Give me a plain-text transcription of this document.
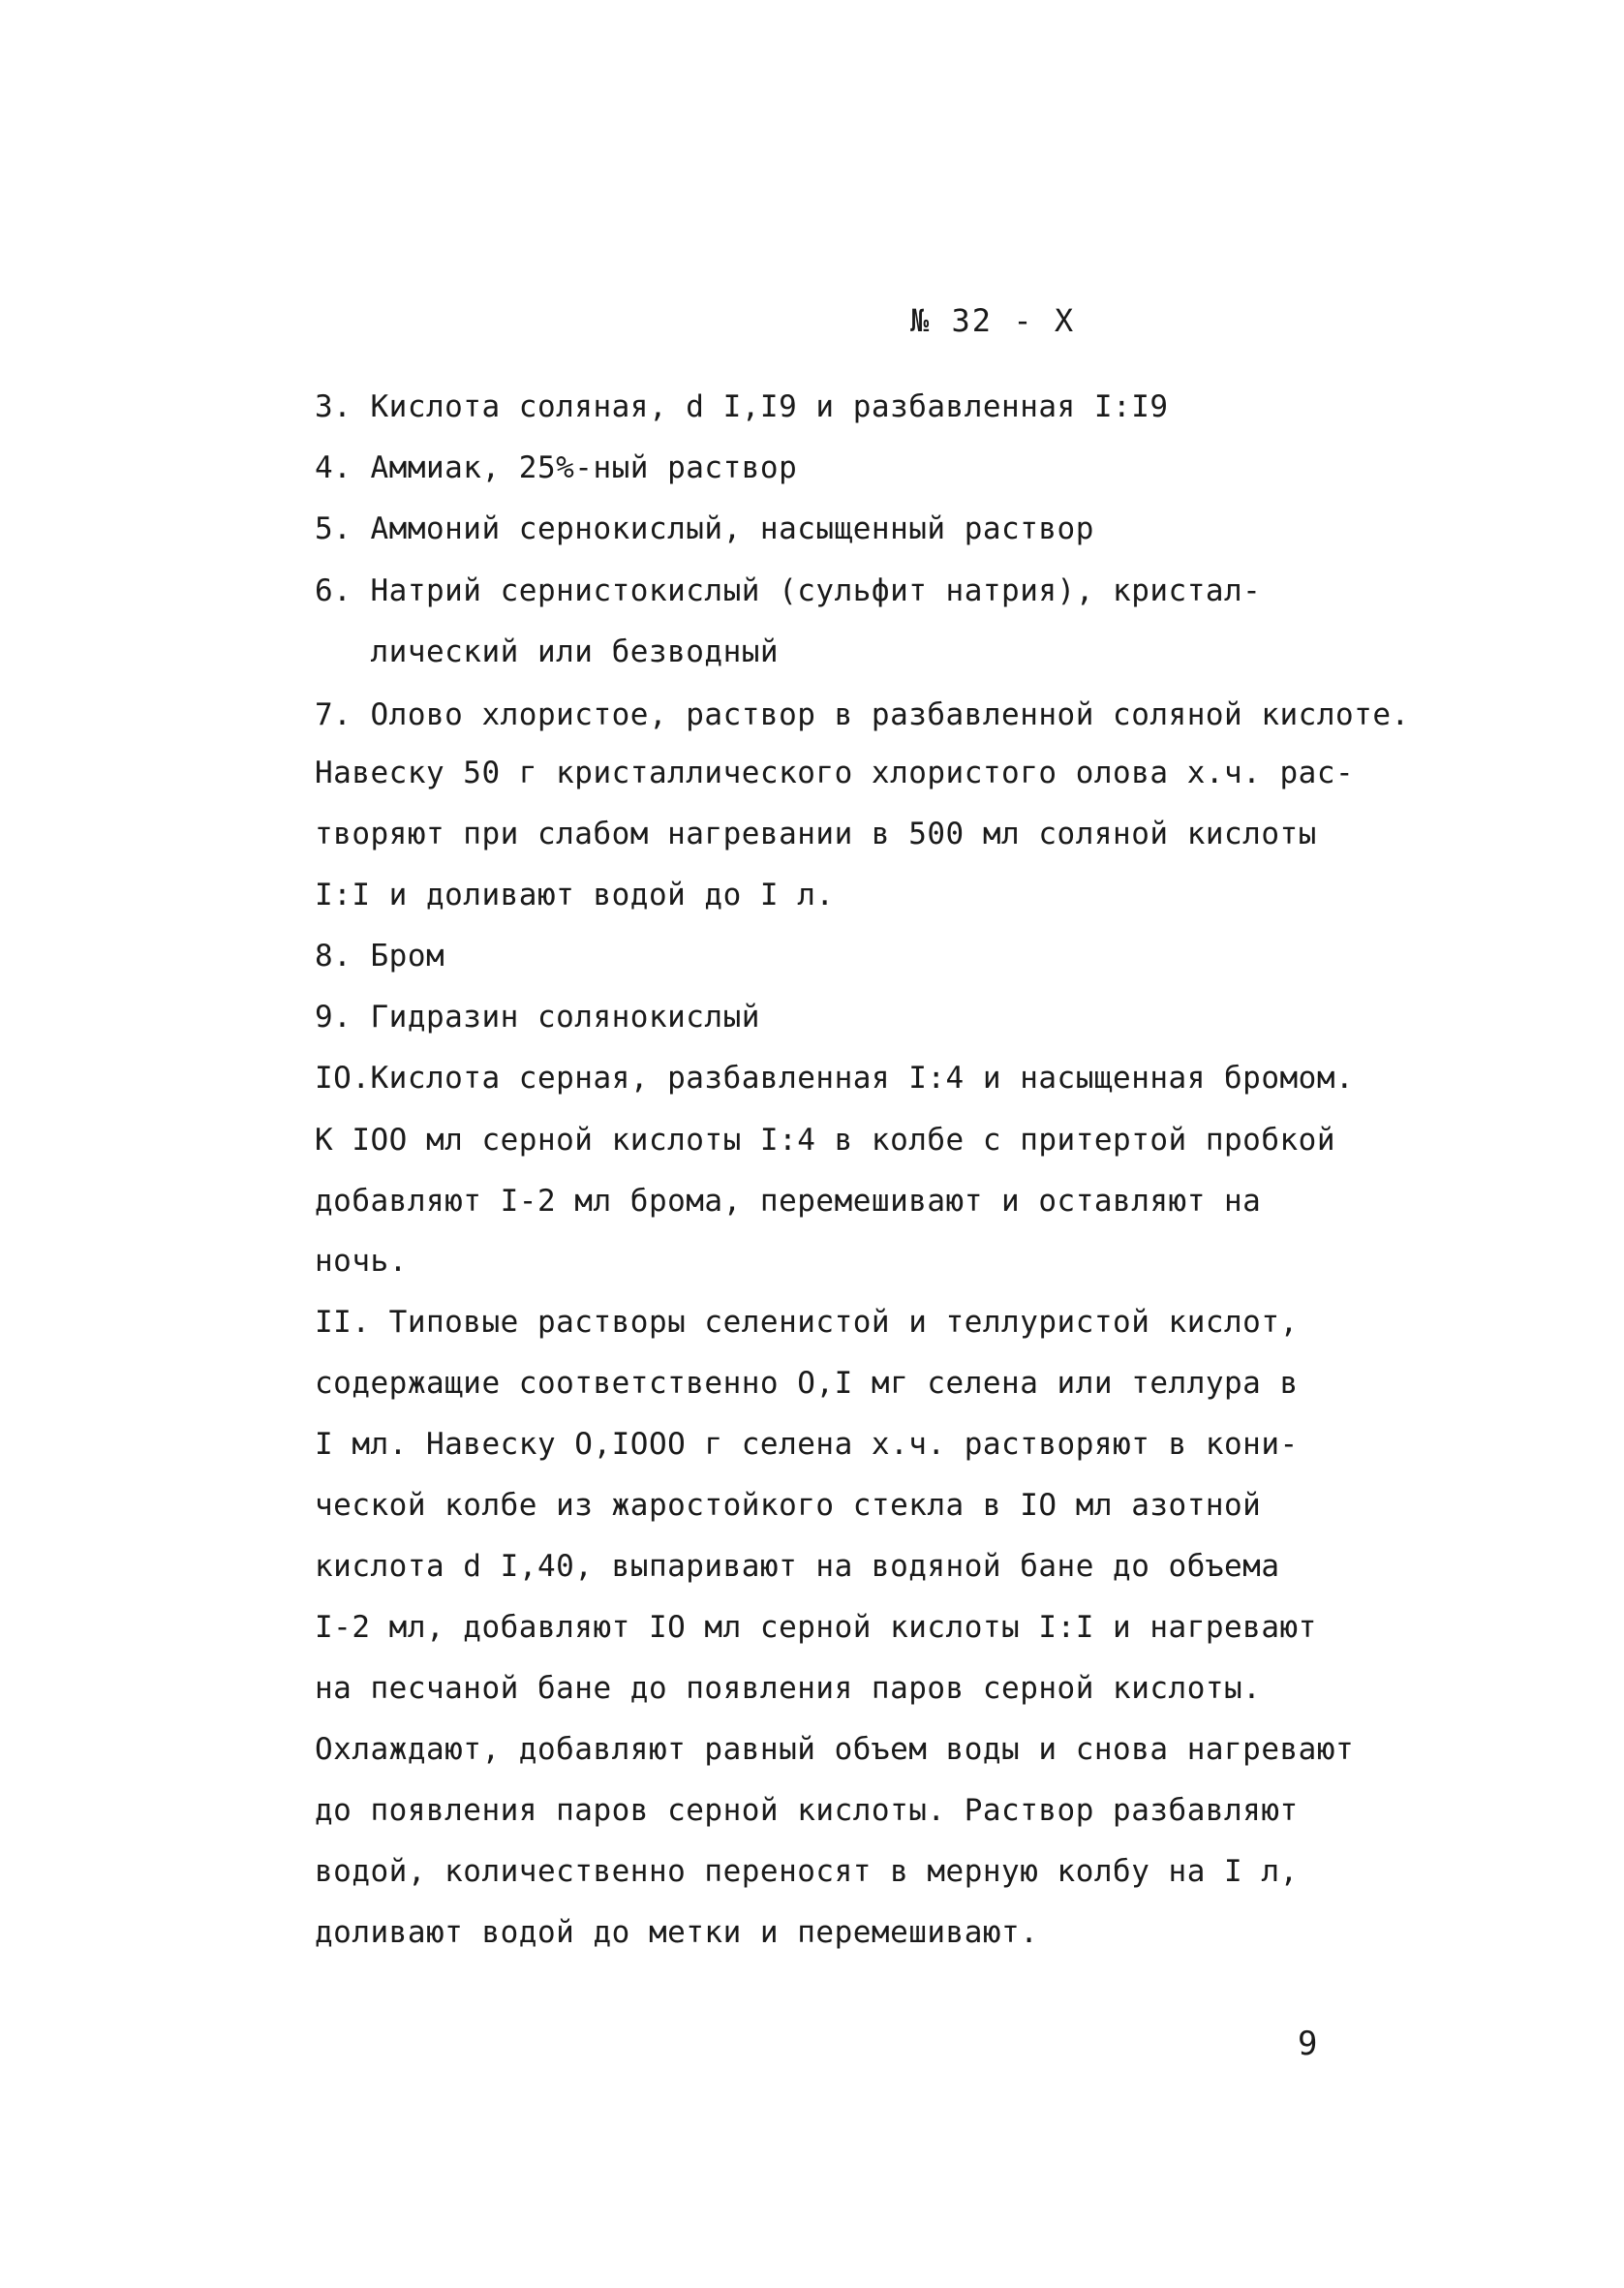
№ 32 - X
3. Кислота соляная, d I,I9 и разбавленная I:I9
4. Аммиак, 25%-ный раствор
5. Аммоний сернокислый, насыщенный раствор
6. Натрий сернистокислый (сульфит натрия), кристал-
лический или безводный
7. Олово хлористое, раствор в разбавленной соляной кислоте.
Навеску 50 г кристаллического хлористого олова х.ч. рас-
творяют при слабом нагревании в 500 мл соляной кислоты
I:I и доливают водой до I л.
8. Бром
9. Гидразин солянокислый
IO.Кислота серная, разбавленная I:4 и насыщенная бромом.
К IOO мл серной кислоты I:4 в колбе с притертой пробкой
добавляют I-2 мл брома, перемешивают и оставляют на
ночь.
II. Типовые растворы селенистой и теллуристой кислот,
содержащие соответственно O,I мг селена или теллура в
I мл. Навеску O,IOOO г селена х.ч. растворяют в кони-
ческой колбе из жаростойкого стекла в IO мл азотной
кислота d I,40, выпаривают на водяной бане до объема
I-2 мл, добавляют IO мл серной кислоты I:I и нагревают
на песчаной бане до появления паров серной кислоты.
Охлаждают, добавляют равный объем воды и снова нагревают
до появления паров серной кислоты. Раствор разбавляют
водой, количественно переносят в мерную колбу на I л,
доливают водой до метки и перемешивают.
9
